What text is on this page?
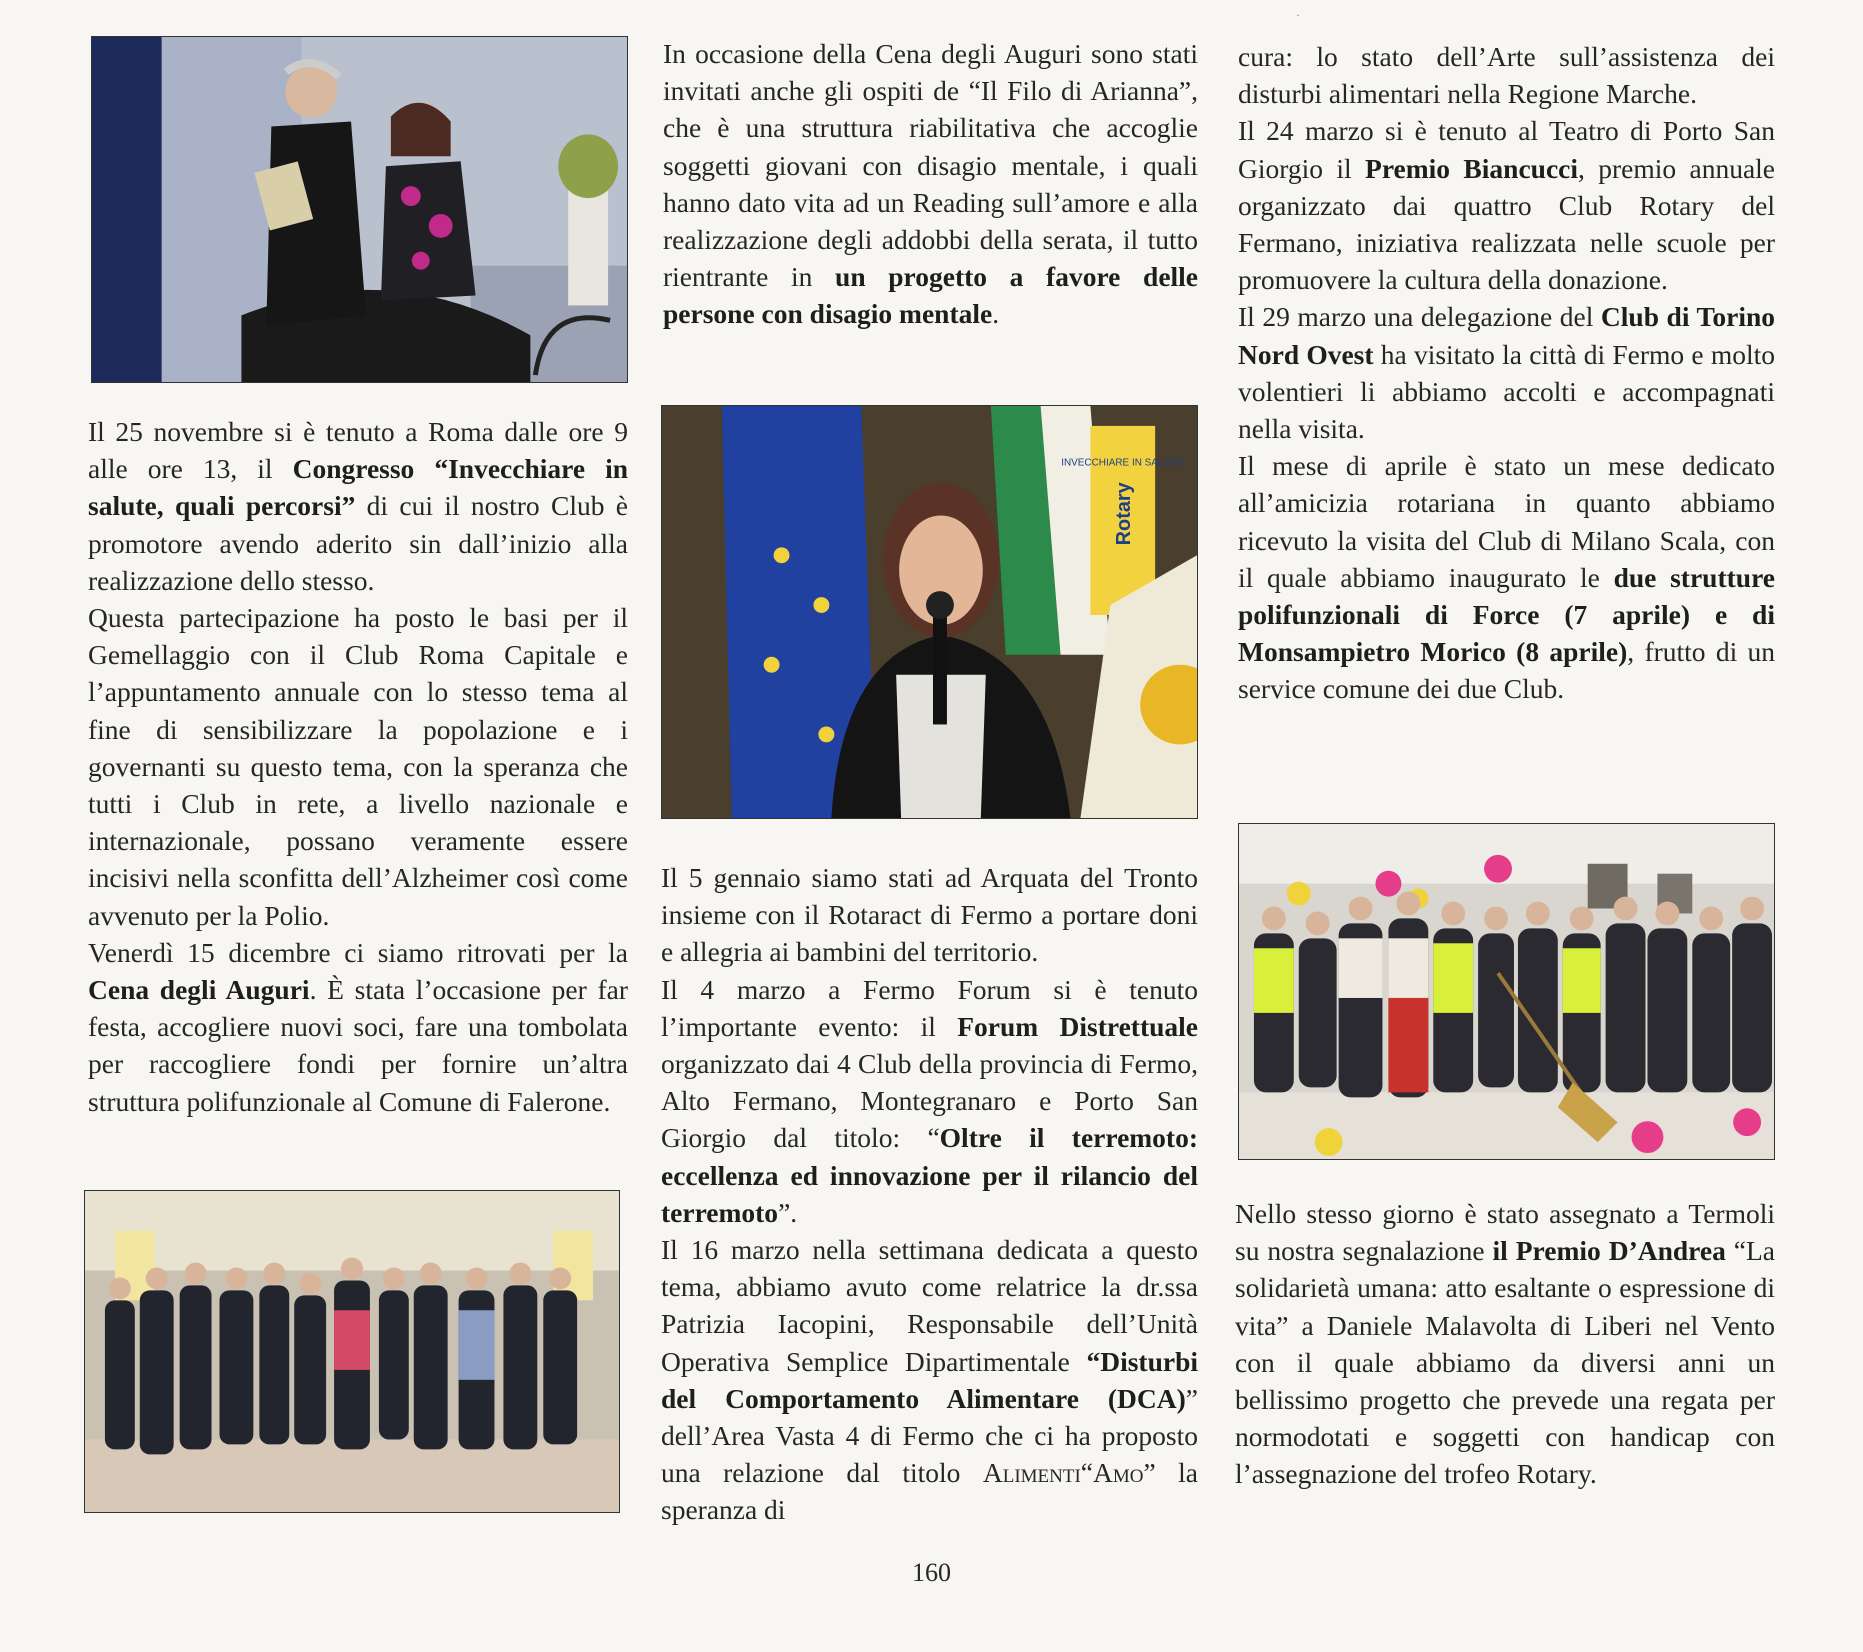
·

Il 25 novembre si è tenuto a Roma dalle ore 9 alle ore 13, il Congresso “Invecchiare in salute, quali percorsi” di cui il nostro Club è promotore avendo aderito sin dall’inizio alla realizzazione dello stesso.

Questa partecipazione ha posto le basi per il Gemellaggio con il Club Roma Capitale e l’appuntamento annuale con lo stesso tema al fine di sensibilizzare la popolazione e i governanti su questo tema, con la speranza che tutti i Club in rete, a livello nazionale e internazionale, possano veramente essere incisivi nella sconfitta dell’Alzheimer così come avvenuto per la Polio.

Venerdì 15 dicembre ci siamo ritrovati per la Cena degli Auguri. È stata l’occasione per far festa, accogliere nuovi soci, fare una tombolata per raccogliere fondi per fornire un’altra struttura polifunzionale al Comune di Falerone.

In occasione della Cena degli Auguri sono stati invitati anche gli ospiti de “Il Filo di Arianna”, che è una struttura riabilitativa che accoglie soggetti giovani con disagio mentale, i quali hanno dato vita ad un Reading sull’amore e alla realizzazione degli addobbi della serata, il tutto rientrante in un progetto a favore delle persone con disagio mentale.

INVECCHIARE IN SALUTE
Rotary

Il 5 gennaio siamo stati ad Arquata del Tronto insieme con il Rotaract di Fermo a portare doni e allegria ai bambini del territorio.

Il 4 marzo a Fermo Forum si è tenuto l’importante evento: il Forum Distrettuale organizzato dai 4 Club della provincia di Fermo, Alto Fermano, Montegranaro e Porto San Giorgio dal titolo: “Oltre il terremoto: eccellenza ed innovazione per il rilancio del terremoto”.

Il 16 marzo nella settimana dedicata a questo tema, abbiamo avuto come relatrice la dr.ssa Patrizia Iacopini, Responsabile dell’Unità Operativa Semplice Dipartimentale “Disturbi del Comportamento Alimentare (DCA)” dell’Area Vasta 4 di Fermo che ci ha proposto una relazione dal titolo Alimenti“Amo” la speranza di

cura: lo stato dell’Arte sull’assistenza dei disturbi alimentari nella Regione Marche.

Il 24 marzo si è tenuto al Teatro di Porto San Giorgio il Premio Biancucci, premio annuale organizzato dai quattro Club Rotary del Fermano, iniziativa realizzata nelle scuole per promuovere la cultura della donazione.

Il 29 marzo una delegazione del Club di Torino Nord Ovest ha visitato la città di Fermo e molto volentieri li abbiamo accolti e accompagnati nella visita.

Il mese di aprile è stato un mese dedicato all’amicizia rotariana in quanto abbiamo ricevuto la visita del Club di Milano Scala, con il quale abbiamo inaugurato le due strutture polifunzionali di Force (7 aprile) e di Monsampietro Morico (8 aprile), frutto di un service comune dei due Club.

Nello stesso giorno è stato assegnato a Termoli su nostra segnalazione il Premio D’Andrea “La solidarietà umana: atto esaltante o espressione di vita” a Daniele Malavolta di Liberi nel Vento con il quale abbiamo da diversi anni un bellissimo progetto che prevede una regata per normodotati e soggetti con handicap con l’assegnazione del trofeo Rotary.

160
